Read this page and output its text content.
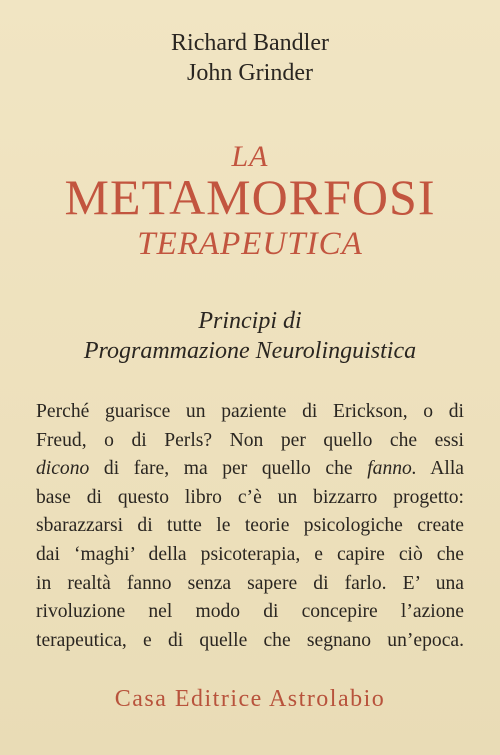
Richard Bandler
John Grinder
LA
METAMORFOSI
TERAPEUTICA
Principi di
Programmazione Neurolinguistica
Perché guarisce un paziente di Erickson, o di
Freud, o di Perls? Non per quello che essi
dicono di fare, ma per quello che fanno. Alla
base di questo libro c’è un bizzarro progetto:
sbarazzarsi di tutte le teorie psicologiche create
dai ‘maghi’ della psicoterapia, e capire ciò che
in realtà fanno senza sapere di farlo. E’ una
rivoluzione nel modo di concepire l’azione
terapeutica, e di quelle che segnano un’epoca.
Casa Editrice Astrolabio
